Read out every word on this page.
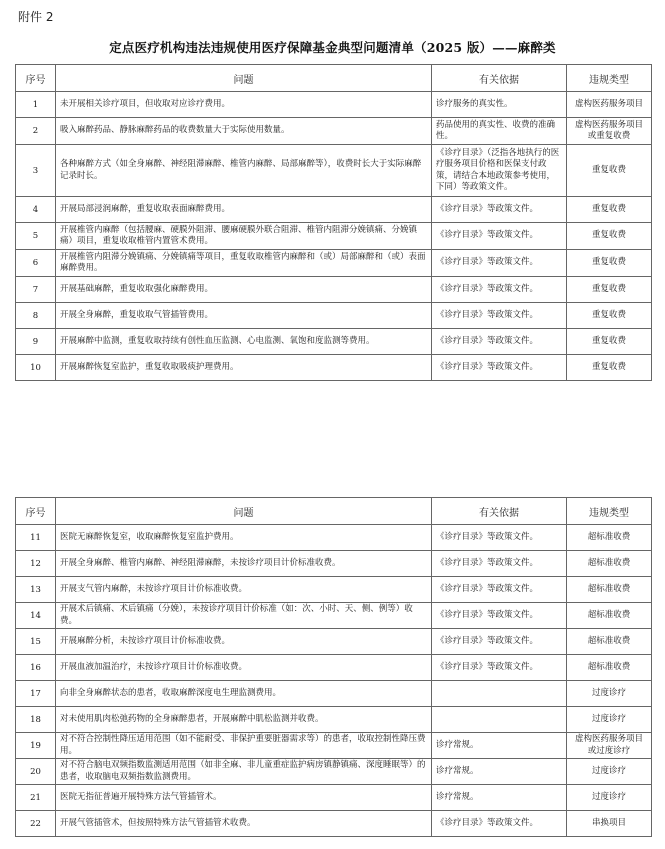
附件 2
定点医疗机构违法违规使用医疗保障基金典型问题清单（2025 版）——麻醉类
序号	问题	有关依据	违规类型
1	未开展相关诊疗项目，但收取对应诊疗费用。	诊疗服务的真实性。	虚构医药服务项目
2	吸入麻醉药品、静脉麻醉药品的收费数量大于实际使用数量。	药品使用的真实性、收费的准确性。	虚构医药服务项目或重复收费
3	各种麻醉方式（如全身麻醉、神经阻滞麻醉、椎管内麻醉、局部麻醉等），收费时长大于实际麻醉记录时长。	《诊疗目录》（泛指各地执行的医疗服务项目价格和医保支付政策，请结合本地政策参考使用，下同）等政策文件。	重复收费
4	开展局部浸润麻醉，重复收取表面麻醉费用。	《诊疗目录》等政策文件。	重复收费
5	开展椎管内麻醉（包括腰麻、硬膜外阻滞、腰麻硬膜外联合阻滞、椎管内阻滞分娩镇痛、分娩镇痛）项目，重复收取椎管内置管术费用。	《诊疗目录》等政策文件。	重复收费
6	开展椎管内阻滞分娩镇痛、分娩镇痛等项目，重复收取椎管内麻醉和（或）局部麻醉和（或）表面麻醉费用。	《诊疗目录》等政策文件。	重复收费
7	开展基础麻醉，重复收取强化麻醉费用。	《诊疗目录》等政策文件。	重复收费
8	开展全身麻醉，重复收取气管插管费用。	《诊疗目录》等政策文件。	重复收费
9	开展麻醉中监测，重复收取持续有创性血压监测、心电监测、氧饱和度监测等费用。	《诊疗目录》等政策文件。	重复收费
10	开展麻醉恢复室监护，重复收取吸痰护理费用。	《诊疗目录》等政策文件。	重复收费
序号	问题	有关依据	违规类型
11	医院无麻醉恢复室，收取麻醉恢复室监护费用。	《诊疗目录》等政策文件。	超标准收费
12	开展全身麻醉、椎管内麻醉、神经阻滞麻醉，未按诊疗项目计价标准收费。	《诊疗目录》等政策文件。	超标准收费
13	开展支气管内麻醉，未按诊疗项目计价标准收费。	《诊疗目录》等政策文件。	超标准收费
14	开展术后镇痛、术后镇痛（分娩），未按诊疗项目计价标准（如：次、小时、天、侧、例等）收费。	《诊疗目录》等政策文件。	超标准收费
15	开展麻醉分析，未按诊疗项目计价标准收费。	《诊疗目录》等政策文件。	超标准收费
16	开展血液加温治疗，未按诊疗项目计价标准收费。	《诊疗目录》等政策文件。	超标准收费
17	向非全身麻醉状态的患者，收取麻醉深度电生理监测费用。		过度诊疗
18	对未使用肌肉松弛药物的全身麻醉患者，开展麻醉中肌松监测并收费。		过度诊疗
19	对不符合控制性降压适用范围（如不能耐受、非保护重要脏器需求等）的患者，收取控制性降压费用。	诊疗常规。	虚构医药服务项目或过度诊疗
20	对不符合脑电双频指数监测适用范围（如非全麻、非儿童重症监护病房镇静镇痛、深度睡眠等）的患者，收取脑电双频指数监测费用。	诊疗常规。	过度诊疗
21	医院无指征普遍开展特殊方法气管插管术。	诊疗常规。	过度诊疗
22	开展气管插管术，但按照特殊方法气管插管术收费。	《诊疗目录》等政策文件。	串换项目
